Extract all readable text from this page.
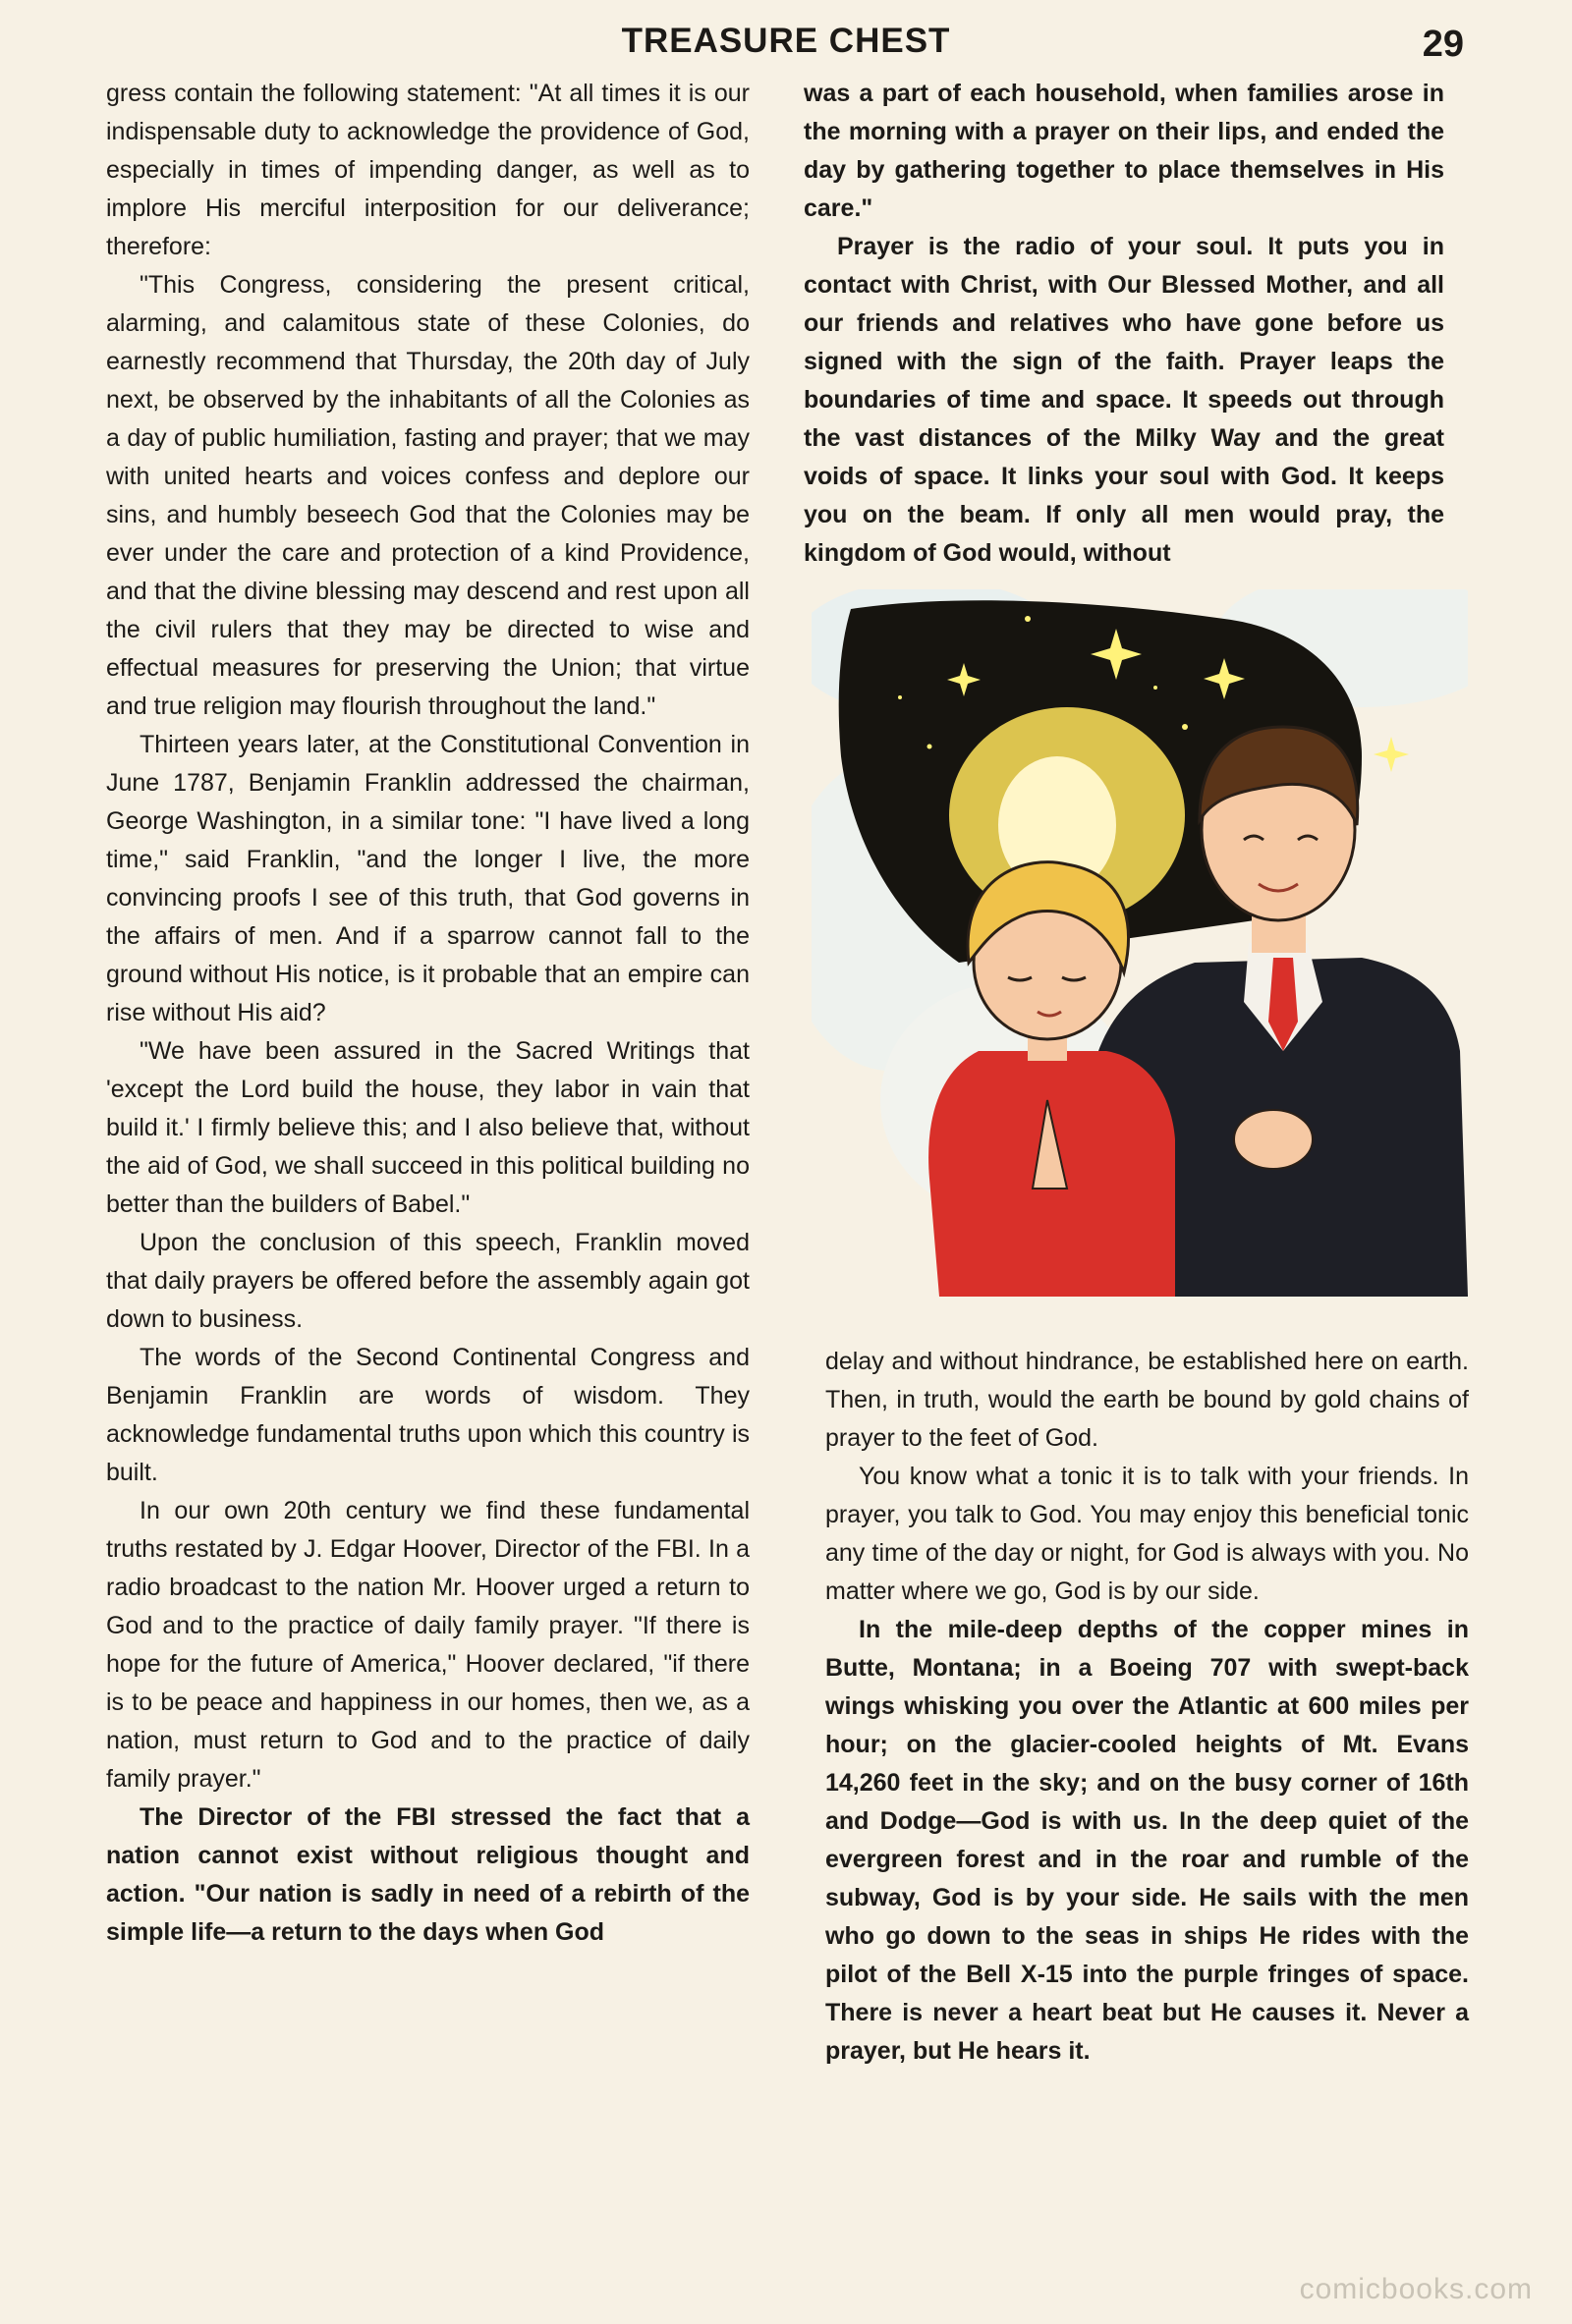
TREASURE CHEST	29

gress contain the following statement: "At all times it is our indispensable duty to acknowledge the providence of God, especially in times of impending danger, as well as to implore His merciful interposition for our deliverance; therefore:

"This Congress, considering the present critical, alarming, and calamitous state of these Colonies, do earnestly recommend that Thursday, the 20th day of July next, be observed by the inhabitants of all the Colonies as a day of public humiliation, fasting and prayer; that we may with united hearts and voices confess and deplore our sins, and humbly beseech God that the Colonies may be ever under the care and protection of a kind Providence, and that the divine blessing may descend and rest upon all the civil rulers that they may be directed to wise and effectual measures for preserving the Union; that virtue and true religion may flourish throughout the land."

Thirteen years later, at the Constitutional Convention in June 1787, Benjamin Franklin addressed the chairman, George Washington, in a similar tone: "I have lived a long time," said Franklin, "and the longer I live, the more convincing proofs I see of this truth, that God governs in the affairs of men. And if a sparrow cannot fall to the ground without His notice, is it probable that an empire can rise without His aid?

"We have been assured in the Sacred Writings that 'except the Lord build the house, they labor in vain that build it.' I firmly believe this; and I also believe that, without the aid of God, we shall succeed in this political building no better than the builders of Babel."

Upon the conclusion of this speech, Franklin moved that daily prayers be offered before the assembly again got down to business.

The words of the Second Continental Congress and Benjamin Franklin are words of wisdom. They acknowledge fundamental truths upon which this country is built.

In our own 20th century we find these fundamental truths restated by J. Edgar Hoover, Director of the FBI. In a radio broadcast to the nation Mr. Hoover urged a return to God and to the practice of daily family prayer. "If there is hope for the future of America," Hoover declared, "if there is to be peace and happiness in our homes, then we, as a nation, must return to God and to the practice of daily family prayer."

The Director of the FBI stressed the fact that a nation cannot exist without religious thought and action. "Our nation is sadly in need of a rebirth of the simple life—a return to the days when God

was a part of each household, when families arose in the morning with a prayer on their lips, and ended the day by gathering together to place themselves in His care."

Prayer is the radio of your soul. It puts you in contact with Christ, with Our Blessed Mother, and all our friends and relatives who have gone before us signed with the sign of the faith. Prayer leaps the boundaries of time and space. It speeds out through the vast distances of the Milky Way and the great voids of space. It links your soul with God. It keeps you on the beam. If only all men would pray, the kingdom of God would, without

delay and without hindrance, be established here on earth. Then, in truth, would the earth be bound by gold chains of prayer to the feet of God.

You know what a tonic it is to talk with your friends. In prayer, you talk to God. You may enjoy this beneficial tonic any time of the day or night, for God is always with you. No matter where we go, God is by our side.

In the mile-deep depths of the copper mines in Butte, Montana; in a Boeing 707 with swept-back wings whisking you over the Atlantic at 600 miles per hour; on the glacier-cooled heights of Mt. Evans 14,260 feet in the sky; and on the busy corner of 16th and Dodge—God is with us. In the deep quiet of the evergreen forest and in the roar and rumble of the subway, God is by your side. He sails with the men who go down to the seas in ships He rides with the pilot of the Bell X-15 into the purple fringes of space. There is never a heart beat but He causes it. Never a prayer, but He hears it.

comicbooks.com
